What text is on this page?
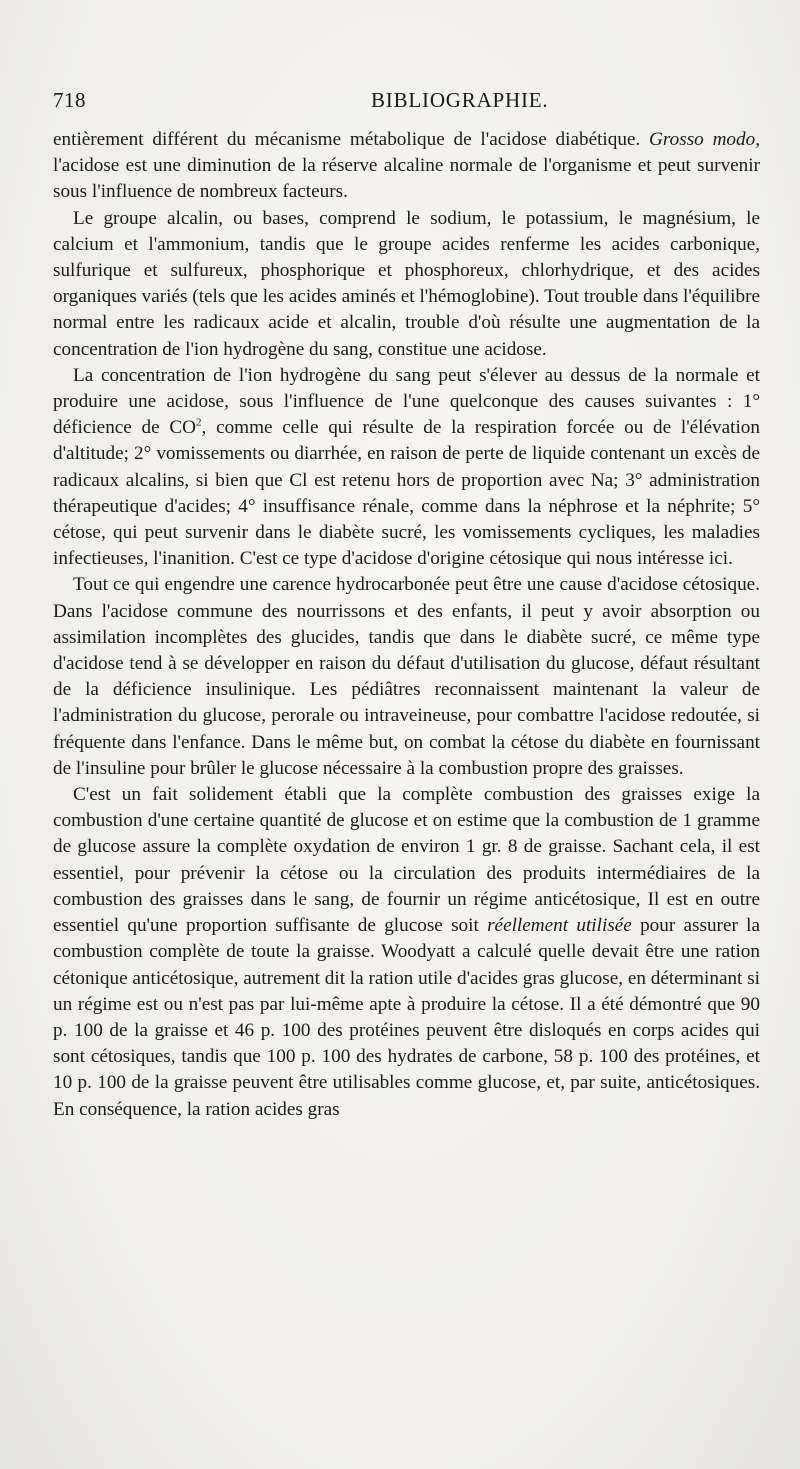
718	BIBLIOGRAPHIE.

entièrement différent du mécanisme métabolique de l'acidose diabétique. Grosso modo, l'acidose est une diminution de la réserve alcaline normale de l'organisme et peut survenir sous l'influence de nombreux facteurs.

Le groupe alcalin, ou bases, comprend le sodium, le potassium, le magnésium, le calcium et l'ammonium, tandis que le groupe acides renferme les acides carbonique, sulfurique et sulfureux, phosphorique et phosphoreux, chlorhydrique, et des acides organiques variés (tels que les acides aminés et l'hémoglobine). Tout trouble dans l'équilibre normal entre les radicaux acide et alcalin, trouble d'où résulte une augmentation de la concentration de l'ion hydrogène du sang, constitue une acidose.

La concentration de l'ion hydrogène du sang peut s'élever au dessus de la normale et produire une acidose, sous l'influence de l'une quelconque des causes suivantes : 1° déficience de $CO^2$, comme celle qui résulte de la respiration forcée ou de l'élévation d'altitude; 2° vomissements ou diarrhée, en raison de perte de liquide contenant un excès de radicaux alcalins, si bien que Cl est retenu hors de proportion avec Na; 3° administration thérapeutique d'acides; 4° insuffisance rénale, comme dans la néphrose et la néphrite; 5° cétose, qui peut survenir dans le diabète sucré, les vomissements cycliques, les maladies infectieuses, l'inanition. C'est ce type d'acidose d'origine cétosique qui nous intéresse ici.

Tout ce qui engendre une carence hydrocarbonée peut être une cause d'acidose cétosique. Dans l'acidose commune des nourrissons et des enfants, il peut y avoir absorption ou assimilation incomplètes des glucides, tandis que dans le diabète sucré, ce même type d'acidose tend à se développer en raison du défaut d'utilisation du glucose, défaut résultant de la déficience insulinique. Les pédiâtres reconnaissent maintenant la valeur de l'administration du glucose, perorale ou intraveineuse, pour combattre l'acidose redoutée, si fréquente dans l'enfance. Dans le même but, on combat la cétose du diabète en fournissant de l'insuline pour brûler le glucose nécessaire à la combustion propre des graisses.

C'est un fait solidement établi que la complète combustion des graisses exige la combustion d'une certaine quantité de glucose et on estime que la combustion de 1 gramme de glucose assure la complète oxydation de environ 1 gr. 8 de graisse. Sachant cela, il est essentiel, pour prévenir la cétose ou la circulation des produits intermédiaires de la combustion des graisses dans le sang, de fournir un régime anticétosique, Il est en outre essentiel qu'une proportion suffisante de glucose soit réellement utilisée pour assurer la combustion complète de toute la graisse. Woodyatt a calculé quelle devait être une ration cétonique anticétosique, autrement dit la ration utile d'acides gras glucose, en déterminant si un régime est ou n'est pas par lui-même apte à produire la cétose. Il a été démontré que 90 p. 100 de la graisse et 46 p. 100 des protéines peuvent être disloqués en corps acides qui sont cétosiques, tandis que 100 p. 100 des hydrates de carbone, 58 p. 100 des protéines, et 10 p. 100 de la graisse peuvent être utilisables comme glucose, et, par suite, anticétosiques. En conséquence, la ration acides gras
